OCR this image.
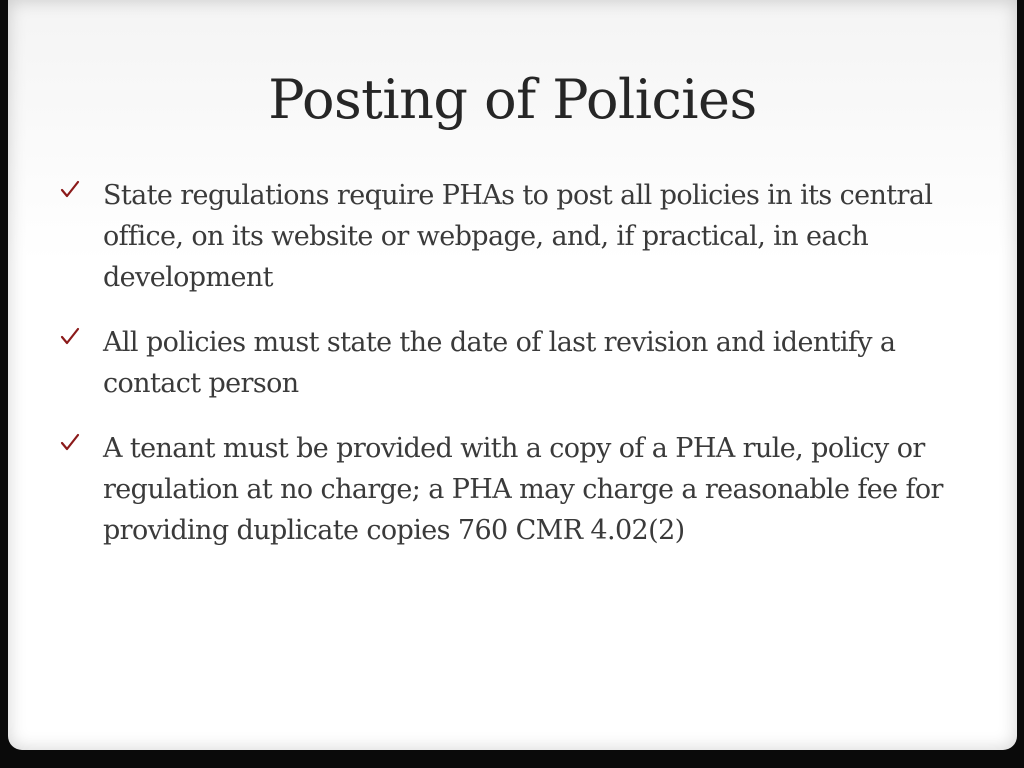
Posting of Policies
State regulations require PHAs to post all policies in its central office, on its website or webpage, and, if practical, in each development
All policies must state the date of last revision and identify a contact person
A tenant must be provided with a copy of a PHA rule, policy or regulation at no charge; a PHA may charge a reasonable fee for providing duplicate copies 760 CMR 4.02(2)
